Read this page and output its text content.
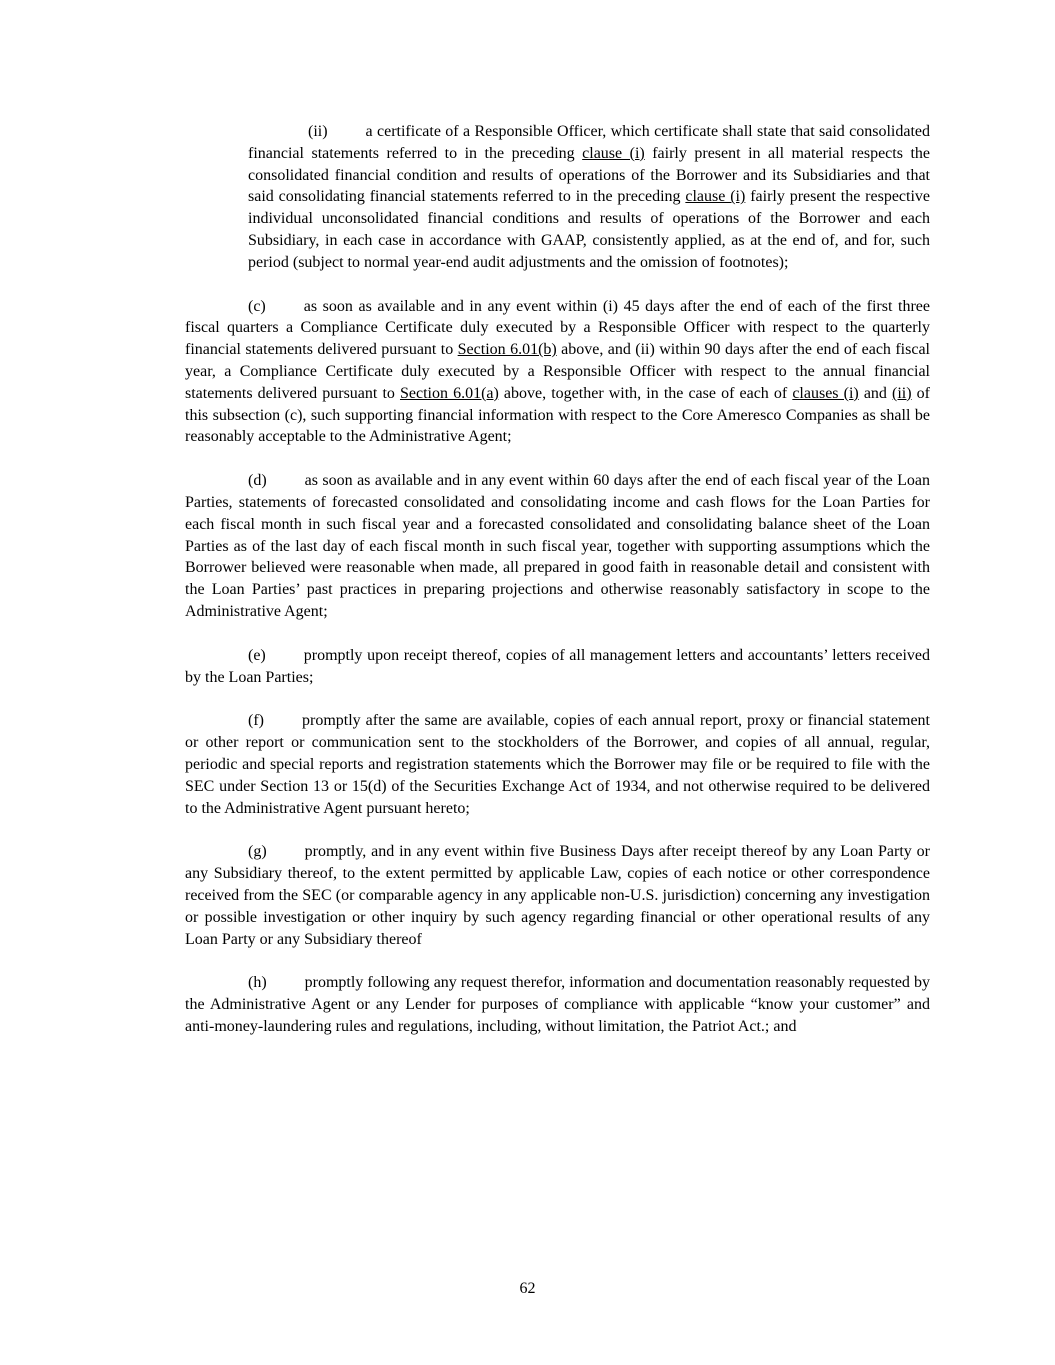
(ii) a certificate of a Responsible Officer, which certificate shall state that said consolidated financial statements referred to in the preceding clause (i) fairly present in all material respects the consolidated financial condition and results of operations of the Borrower and its Subsidiaries and that said consolidating financial statements referred to in the preceding clause (i) fairly present the respective individual unconsolidated financial conditions and results of operations of the Borrower and each Subsidiary, in each case in accordance with GAAP, consistently applied, as at the end of, and for, such period (subject to normal year-end audit adjustments and the omission of footnotes);

(c) as soon as available and in any event within (i) 45 days after the end of each of the first three fiscal quarters a Compliance Certificate duly executed by a Responsible Officer with respect to the quarterly financial statements delivered pursuant to Section 6.01(b) above, and (ii) within 90 days after the end of each fiscal year, a Compliance Certificate duly executed by a Responsible Officer with respect to the annual financial statements delivered pursuant to Section 6.01(a) above, together with, in the case of each of clauses (i) and (ii) of this subsection (c), such supporting financial information with respect to the Core Ameresco Companies as shall be reasonably acceptable to the Administrative Agent;

(d) as soon as available and in any event within 60 days after the end of each fiscal year of the Loan Parties, statements of forecasted consolidated and consolidating income and cash flows for the Loan Parties for each fiscal month in such fiscal year and a forecasted consolidated and consolidating balance sheet of the Loan Parties as of the last day of each fiscal month in such fiscal year, together with supporting assumptions which the Borrower believed were reasonable when made, all prepared in good faith in reasonable detail and consistent with the Loan Parties’ past practices in preparing projections and otherwise reasonably satisfactory in scope to the Administrative Agent;

(e) promptly upon receipt thereof, copies of all management letters and accountants’ letters received by the Loan Parties;

(f) promptly after the same are available, copies of each annual report, proxy or financial statement or other report or communication sent to the stockholders of the Borrower, and copies of all annual, regular, periodic and special reports and registration statements which the Borrower may file or be required to file with the SEC under Section 13 or 15(d) of the Securities Exchange Act of 1934, and not otherwise required to be delivered to the Administrative Agent pursuant hereto;

(g) promptly, and in any event within five Business Days after receipt thereof by any Loan Party or any Subsidiary thereof, to the extent permitted by applicable Law, copies of each notice or other correspondence received from the SEC (or comparable agency in any applicable non-U.S. jurisdiction) concerning any investigation or possible investigation or other inquiry by such agency regarding financial or other operational results of any Loan Party or any Subsidiary thereof

(h) promptly following any request therefor, information and documentation reasonably requested by the Administrative Agent or any Lender for purposes of compliance with applicable “know your customer” and anti-money-laundering rules and regulations, including, without limitation, the Patriot Act.; and

62
